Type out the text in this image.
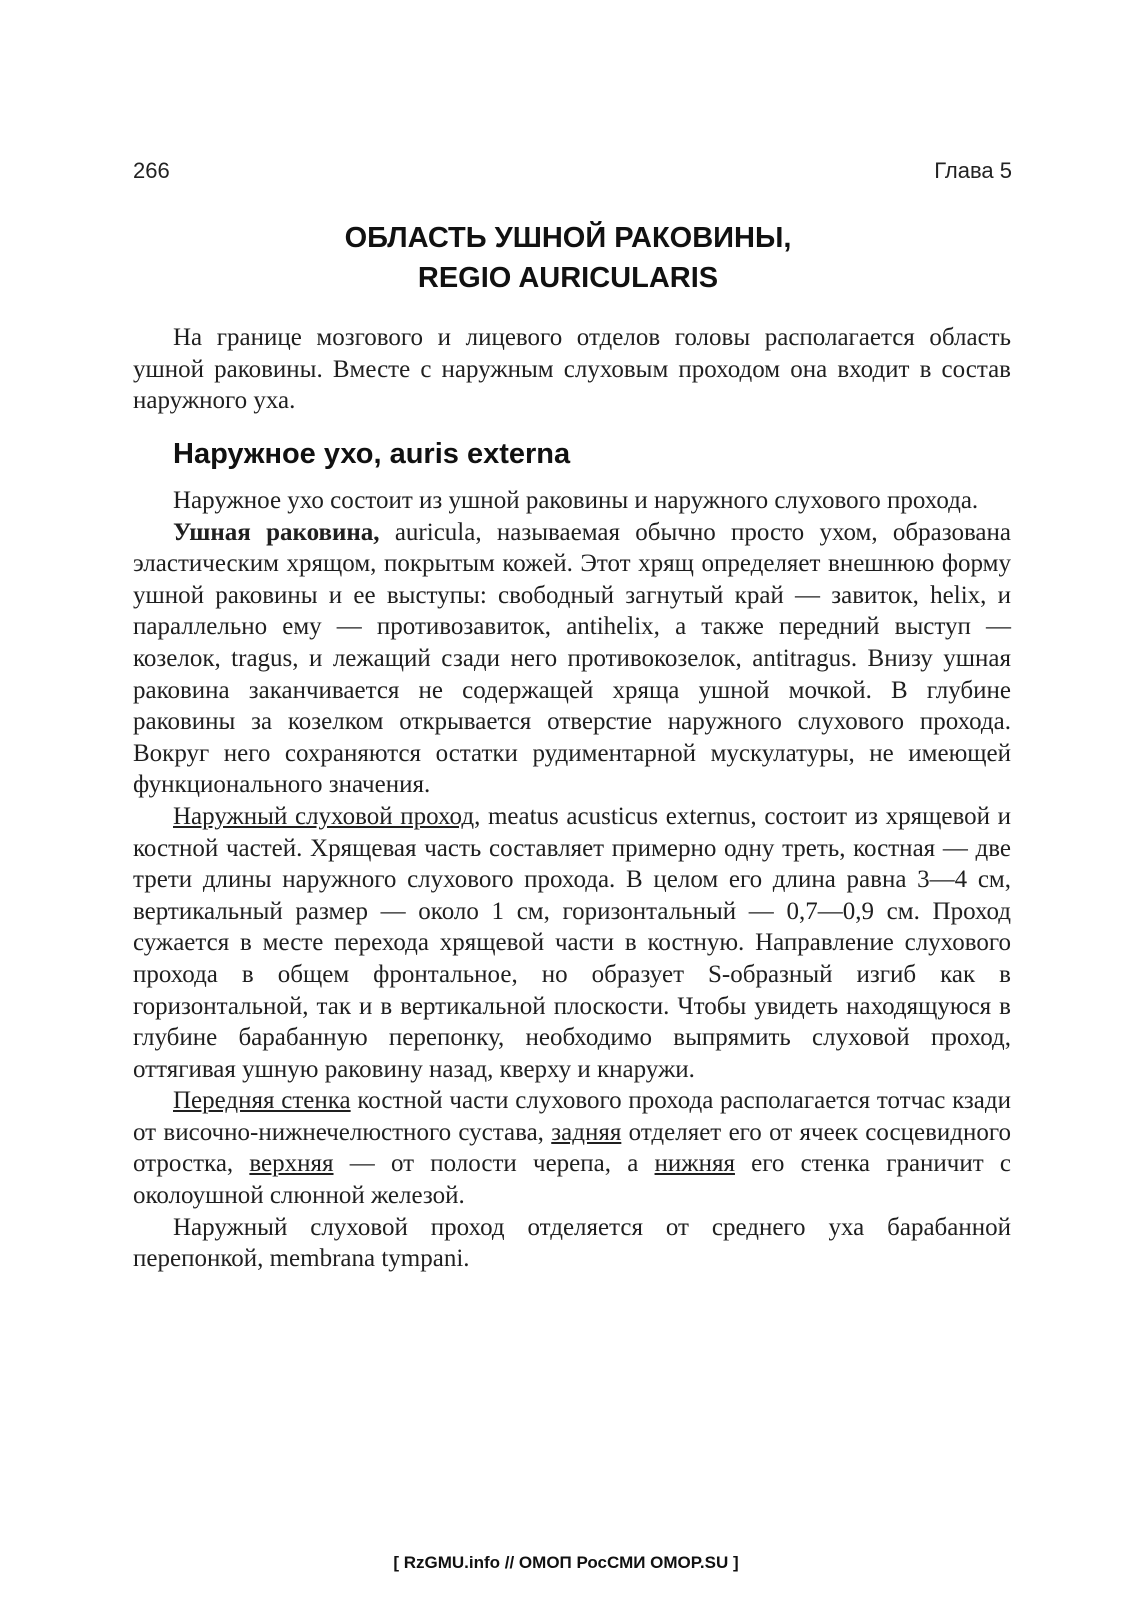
266	Глава 5
ОБЛАСТЬ УШНОЙ РАКОВИНЫ,
REGIO AURICULARIS

На границе мозгового и лицевого отделов головы располагается область ушной раковины. Вместе с наружным слуховым проходом она входит в состав наружного уха.

Наружное ухо, auris externa

Наружное ухо состоит из ушной раковины и наружного слухового прохода.

Ушная раковина, auricula, называемая обычно просто ухом, образована эластическим хрящом, покрытым кожей. Этот хрящ определяет внешнюю форму ушной раковины и ее выступы: свободный загнутый край — завиток, helix, и параллельно ему — противозавиток, antihelix, а также передний выступ — козелок, tragus, и лежащий сзади него противокозелок, antitragus. Внизу ушная раковина заканчивается не содержащей хряща ушной мочкой. В глубине раковины за козелком открывается отверстие наружного слухового прохода. Вокруг него сохраняются остатки рудиментарной мускулатуры, не имеющей функционального значения.

Наружный слуховой проход, meatus acusticus externus, состоит из хрящевой и костной частей. Хрящевая часть составляет примерно одну треть, костная — две трети длины наружного слухового прохода. В целом его длина равна 3—4 см, вертикальный размер — около 1 см, горизонтальный — 0,7—0,9 см. Проход сужается в месте перехода хрящевой части в костную. Направление слухового прохода в общем фронтальное, но образует S-образный изгиб как в горизонтальной, так и в вертикальной плоскости. Чтобы увидеть находящуюся в глубине барабанную перепонку, необходимо выпрямить слуховой проход, оттягивая ушную раковину назад, кверху и кнаружи.

Передняя стенка костной части слухового прохода располагается тотчас кзади от височно-нижнечелюстного сустава, задняя отделяет его от ячеек сосцевидного отростка, верхняя — от полости черепа, а нижняя его стенка граничит с околоушной слюнной железой.

Наружный слуховой проход отделяется от среднего уха барабанной перепонкой, membrana tympani.

[ RzGMU.info // ОМОП РосСМИ OMOP.SU ]
